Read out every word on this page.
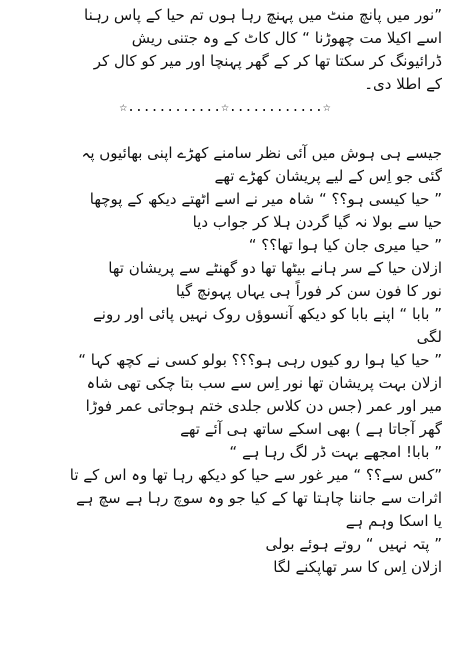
”نور میں پانچ منٹ میں پہنچ رہا ہوں تم حیا کے پاس رہنا
اسے اکیلا مت چھوڑنا “ کال کاٹ کے وہ جتنی ریش
ڈرائیونگ کر سکتا تھا کر کے گھر پہنچا اور میر کو کال کر
کے اطلا دی۔
☆............☆............☆
جیسے ہی ہوش میں آئی نظر سامنے کھڑے اپنی بھائیوں پہ
گئی جو اِس کے لیے پریشان کھڑے تھے
” حیا کیسی ہو؟؟ “ شاہ میر نے اسے اٹھتے دیکھ کے پوچھا
حیا سے بولا نہ گیا گردن ہلا کر جواب دیا
” حیا میری جان کیا ہوا تھا؟؟ “
ازلان حیا کے سر ہانے بیٹھا تھا دو گھنٹے سے پریشان تھا
نور کا فون سن کر فوراً ہی یہاں پہونچ گیا
” بابا “ اپنے بابا کو دیکھ آنسوؤں روک نہیں پائی اور رونے
لگی
” حیا کیا ہوا رو کیوں رہی ہو؟؟؟ بولو کسی نے کچھ کہا “
ازلان بہت پریشان تھا نور اِس سے سب بتا چکی تھی شاہ
میر اور عمر (جس دن کلاس جلدی ختم ہوجاتی عمر فوڑا
گھر آجاتا ہے ) بھی اسکے ساتھ ہی آئے تھے
” بابا! امجھے بہت ڈر لگ رہا ہے “
”کس سے؟؟ “ میر غور سے حیا کو دیکھ رہا تھا وہ اس کے تا
اثرات سے جاننا چاہتا تھا کے کیا جو وہ سوچ رہا ہے سچ ہے
یا اسکا وہم ہے
” پتہ نہیں “ روتے ہوئے بولی
ازلان اِس کا سر تھاپکنے لگا
